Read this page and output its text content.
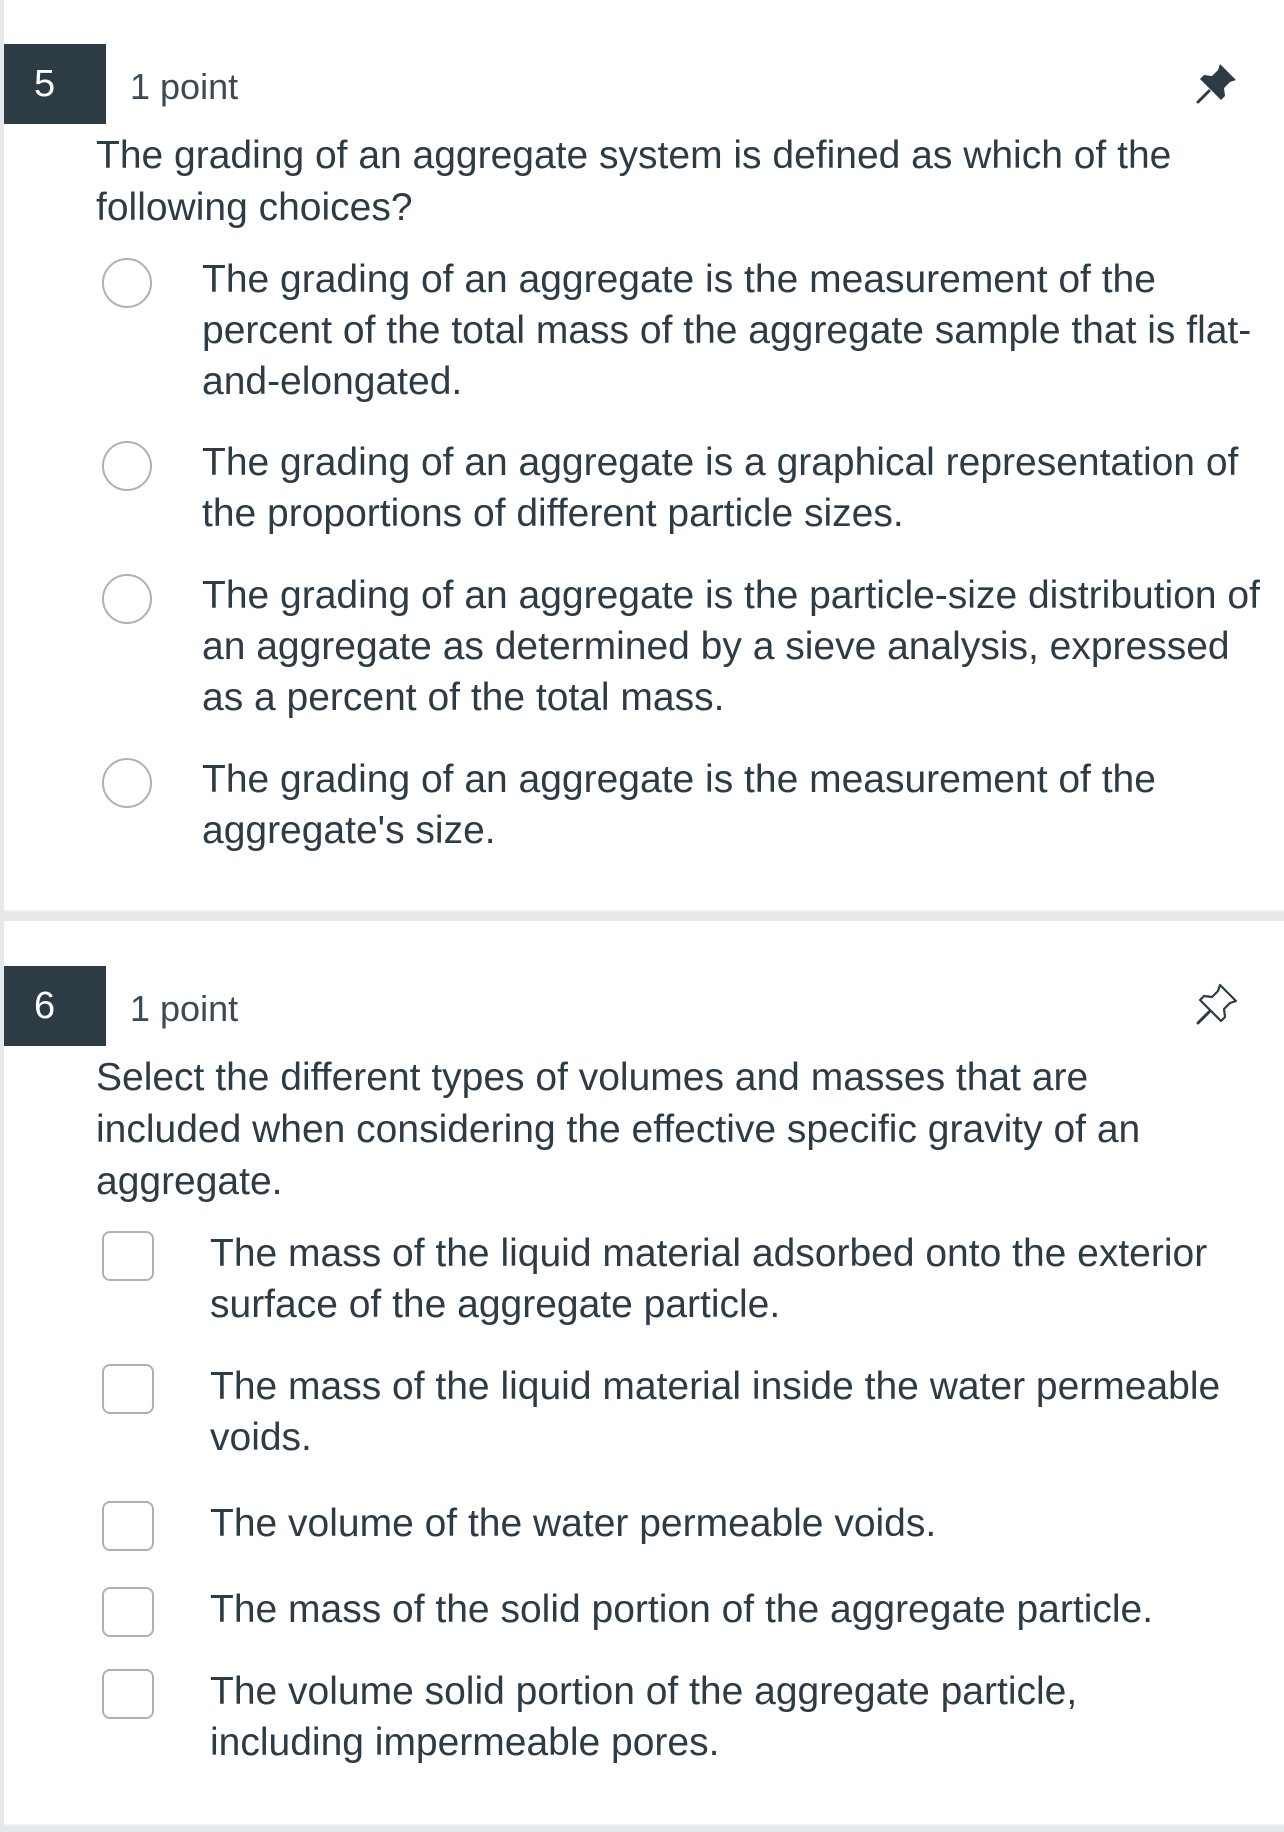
5	1 point
The grading of an aggregate system is defined as which of the following choices?
The grading of an aggregate is the measurement of the percent of the total mass of the aggregate sample that is flat-and-elongated.
The grading of an aggregate is a graphical representation of the proportions of different particle sizes.
The grading of an aggregate is the particle-size distribution of an aggregate as determined by a sieve analysis, expressed as a percent of the total mass.
The grading of an aggregate is the measurement of the aggregate's size.
6	1 point
Select the different types of volumes and masses that are included when considering the effective specific gravity of an aggregate.
The mass of the liquid material adsorbed onto the exterior surface of the aggregate particle.
The mass of the liquid material inside the water permeable voids.
The volume of the water permeable voids.
The mass of the solid portion of the aggregate particle.
The volume solid portion of the aggregate particle, including impermeable pores.
